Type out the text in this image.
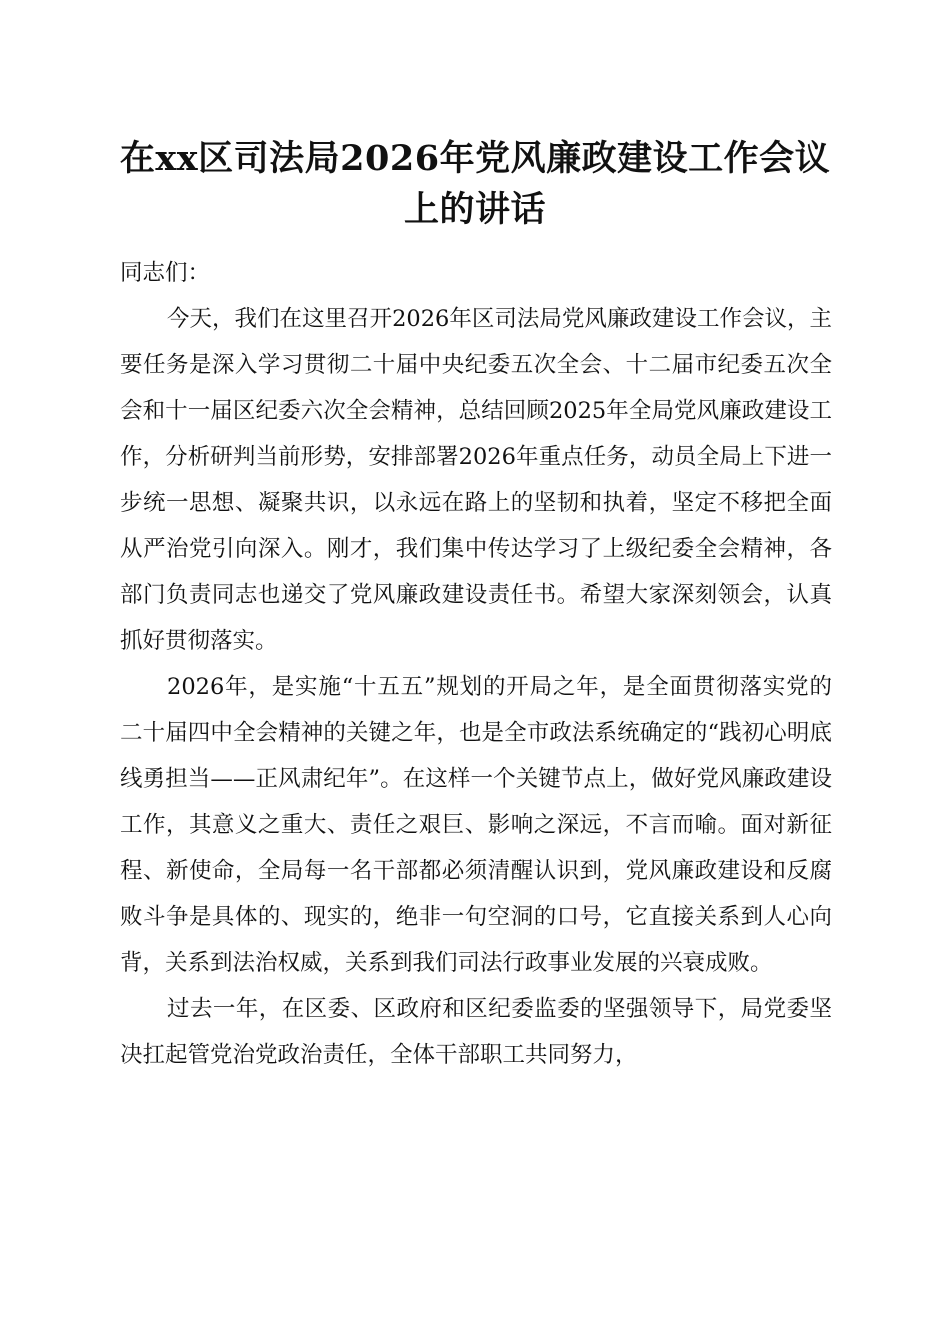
在xx区司法局2026年党风廉政建设工作会议
上的讲话

同志们：

今天，我们在这里召开2026年区司法局党风廉政建设工作会议，主要任务是深入学习贯彻二十届中央纪委五次全会、十二届市纪委五次全会和十一届区纪委六次全会精神，总结回顾2025年全局党风廉政建设工作，分析研判当前形势，安排部署2026年重点任务，动员全局上下进一步统一思想、凝聚共识，以永远在路上的坚韧和执着，坚定不移把全面从严治党引向深入。刚才，我们集中传达学习了上级纪委全会精神，各部门负责同志也递交了党风廉政建设责任书。希望大家深刻领会，认真抓好贯彻落实。

2026年，是实施“十五五”规划的开局之年，是全面贯彻落实党的二十届四中全会精神的关键之年，也是全市政法系统确定的“践初心明底线勇担当——正风肃纪年”。在这样一个关键节点上，做好党风廉政建设工作，其意义之重大、责任之艰巨、影响之深远，不言而喻。面对新征程、新使命，全局每一名干部都必须清醒认识到，党风廉政建设和反腐败斗争是具体的、现实的，绝非一句空洞的口号，它直接关系到人心向背，关系到法治权威，关系到我们司法行政事业发展的兴衰成败。

过去一年，在区委、区政府和区纪委监委的坚强领导下，局党委坚决扛起管党治党政治责任，全体干部职工共同努力，
